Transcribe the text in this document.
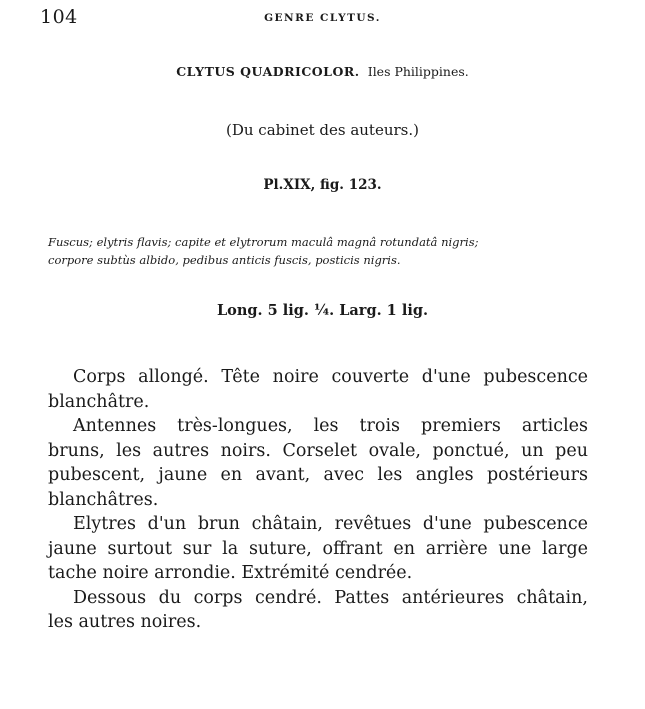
104	GENRE CLYTUS.
CLYTUS QUADRICOLOR. Iles Philippines.
(Du cabinet des auteurs.)
Pl.XIX, fig. 123.
Fuscus; elytris flavis; capite et elytrorum maculâ magnâ rotundatâ nigris;
corpore subtùs albido, pedibus anticis fuscis, posticis nigris.
Long. 5 lig. ¼. Larg. 1 lig.
Corps allongé. Tête noire couverte d'une pubescence
blanchâtre.
Antennes très-longues, les trois premiers articles
bruns, les autres noirs. Corselet ovale, ponctué, un peu
pubescent, jaune en avant, avec les angles postérieurs
blanchâtres.
Elytres d'un brun châtain, revêtues d'une pubescence
jaune surtout sur la suture, offrant en arrière une large
tache noire arrondie. Extrémité cendrée.
Dessous du corps cendré. Pattes antérieures châtain,
les autres noires.
